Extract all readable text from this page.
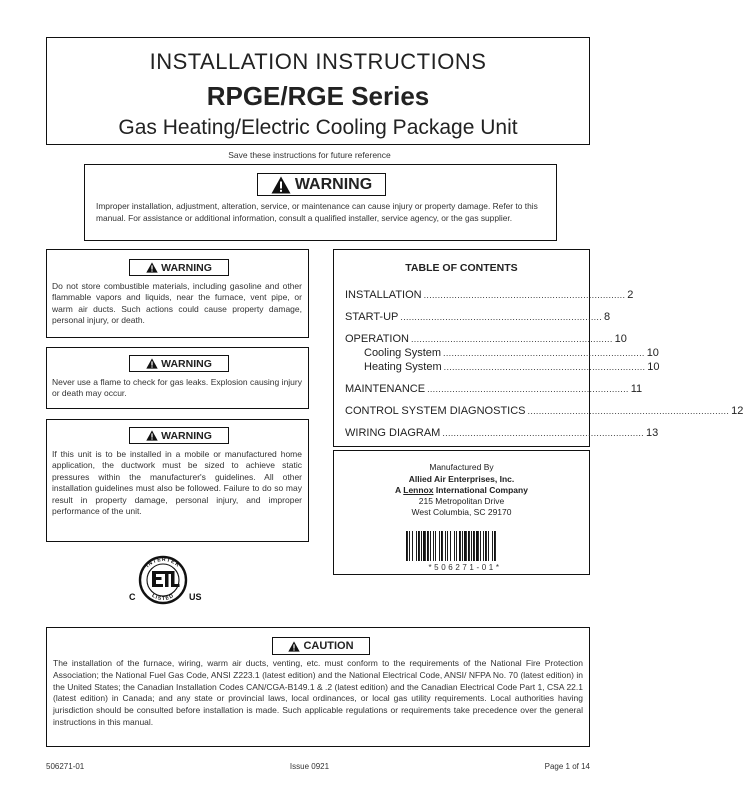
INSTALLATION INSTRUCTIONS
RPGE/RGE Series
Gas Heating/Electric Cooling Package Unit
Save these instructions for future reference
WARNING
Improper installation, adjustment, alteration, service, or maintenance can cause injury or property damage. Refer to this manual. For assistance or additional information, consult a qualified installer, service agency, or the gas supplier.
WARNING
Do not store combustible materials, including gasoline and other flammable vapors and liquids, near the furnace, vent pipe, or warm air ducts. Such actions could cause property damage, personal injury, or death.
WARNING
Never use a flame to check for gas leaks. Explosion causing injury or death may occur.
WARNING
If this unit is to be installed in a mobile or manufactured home application, the ductwork must be sized to achieve static pressures within the manufacturer's guidelines. All other installation guidelines must also be followed. Failure to do so may result in property damage, personal injury, and improper performance of the unit.
TABLE OF CONTENTS
INSTALLATION ........................................................................ 2
START-UP ........................................................................ 8
OPERATION ........................................................................ 10
Cooling System ........................................................................ 10
Heating System ........................................................................ 10
MAINTENANCE ........................................................................ 11
CONTROL SYSTEM DIAGNOSTICS ........................................................................ 12
WIRING DIAGRAM ........................................................................ 13
Manufactured By
Allied Air Enterprises, Inc.
A Lennox International Company
215 Metropolitan Drive
West Columbia, SC 29170
*506271-01*
INTERTEK
LISTED
C	US
CAUTION
The installation of the furnace, wiring, warm air ducts, venting, etc. must conform to the requirements of the National Fire Protection Association; the National Fuel Gas Code, ANSI Z223.1 (latest edition) and the National Electrical Code, ANSI/ NFPA No. 70 (latest edition) in the United States; the Canadian Installation Codes CAN/CGA-B149.1 & .2 (latest edition) and the Canadian Electrical Code Part 1, CSA 22.1 (latest edition) in Canada; and any state or provincial laws, local ordinances, or local gas utility requirements. Local authorities having jurisdiction should be consulted before installation is made. Such applicable regulations or requirements take precedence over the general instructions in this manual.
506271-01	Issue 0921	Page 1 of 14
